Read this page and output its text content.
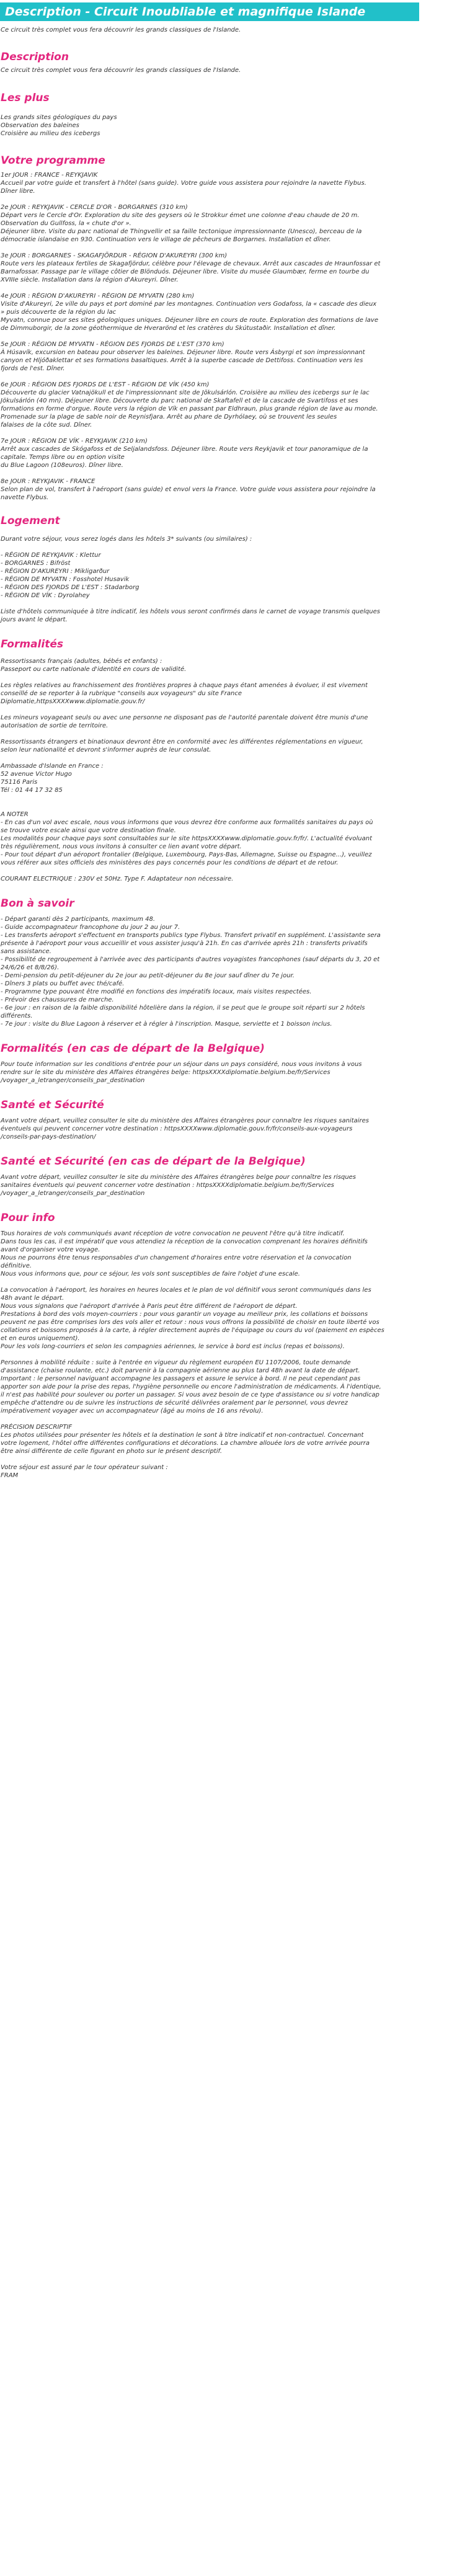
Description - Circuit Inoubliable et magnifique Islande

Ce circuit très complet vous fera découvrir les grands classiques de l'Islande.

Description

Ce circuit très complet vous fera découvrir les grands classiques de l'Islande.

Les plus

Les grands sites géologiques du pays
Observation des baleines
Croisière au milieu des icebergs

Votre programme

1er JOUR : FRANCE - REYKJAVIK
Accueil par votre guide et transfert à l'hôtel (sans guide). Votre guide vous assistera pour rejoindre la navette Flybus.
Dîner libre.

2e JOUR : REYKJAVIK - CERCLE D'OR - BORGARNES (310 km)
Départ vers le Cercle d'Or. Exploration du site des geysers où le Strokkur émet une colonne d'eau chaude de 20 m.
Observation du Gullfoss, la « chute d'or ».
Déjeuner libre. Visite du parc national de Thingvellir et sa faille tectonique impressionnante (Unesco), berceau de la
démocratie islandaise en 930. Continuation vers le village de pêcheurs de Borgarnes. Installation et dîner.

3e JOUR : BORGARNES - SKAGAFJÖRDUR - RÉGION D'AKUREYRI (300 km)
Route vers les plateaux fertiles de Skagafjördur, célèbre pour l'élevage de chevaux. Arrêt aux cascades de Hraunfossar et
Barnafossar. Passage par le village côtier de Blönduós. Déjeuner libre. Visite du musée Glaumbær, ferme en tourbe du
XVIIIe siècle. Installation dans la région d'Akureyri. Dîner.

4e JOUR : RÉGION D'AKUREYRI - RÉGION DE MYVATN (280 km)
Visite d'Akureyri, 2e ville du pays et port dominé par les montagnes. Continuation vers Godafoss, la « cascade des dieux
» puis découverte de la région du lac
Myvatn, connue pour ses sites géologiques uniques. Déjeuner libre en cours de route. Exploration des formations de lave
de Dimmuborgir, de la zone géothermique de Hverarönd et les cratères du Skútustaðir. Installation et dîner.

5e JOUR : RÉGION DE MYVATN - RÉGION DES FJORDS DE L'EST (370 km)
À Húsavík, excursion en bateau pour observer les baleines. Déjeuner libre. Route vers Ásbyrgi et son impressionnant
canyon et Hljóðaklettar et ses formations basaltiques. Arrêt à la superbe cascade de Dettifoss. Continuation vers les
fjords de l'est. Dîner.

6e JOUR : RÉGION DES FJORDS DE L'EST - RÉGION DE VÍK (450 km)
Découverte du glacier Vatnajökull et de l'impressionnant site de Jökulsárlón. Croisière au milieu des icebergs sur le lac
Jökulsárlón (40 mn). Déjeuner libre. Découverte du parc national de Skaftafell et de la cascade de Svartifoss et ses
formations en forme d'orgue. Route vers la région de Vík en passant par Eldhraun, plus grande région de lave au monde.
Promenade sur la plage de sable noir de Reynisfjara. Arrêt au phare de Dyrhólaey, où se trouvent les seules
falaises de la côte sud. Dîner.

7e JOUR : RÉGION DE VÍK - REYKJAVIK (210 km)
Arrêt aux cascades de Skógafoss et de Seljalandsfoss. Déjeuner libre. Route vers Reykjavik et tour panoramique de la
capitale. Temps libre ou en option visite
du Blue Lagoon (108euros). Dîner libre.

8e JOUR : REYKJAVIK - FRANCE
Selon plan de vol, transfert à l'aéroport (sans guide) et envol vers la France. Votre guide vous assistera pour rejoindre la
navette Flybus.

Logement

Durant votre séjour, vous serez logés dans les hôtels 3* suivants (ou similaires) :

- RÉGION DE REYKJAVIK : Klettur
- BORGARNES : Bifröst
- RÉGION D'AKUREYRI : Mikligarður
- RÉGION DE MYVATN : Fosshotel Husavik
- RÉGION DES FJORDS DE L'EST : Stadarborg
- RÉGION DE VÍK : Dyrolahey

Liste d'hôtels communiquée à titre indicatif, les hôtels vous seront confirmés dans le carnet de voyage transmis quelques
jours avant le départ.

Formalités

Ressortissants français (adultes, bébés et enfants) :
Passeport ou carte nationale d'identité en cours de validité.

Les règles relatives au franchissement des frontières propres à chaque pays étant amenées à évoluer, il est vivement
conseillé de se reporter à la rubrique "conseils aux voyageurs" du site France
Diplomatie,httpsXXXXwww.diplomatie.gouv.fr/

Les mineurs voyageant seuls ou avec une personne ne disposant pas de l'autorité parentale doivent être munis d'une
autorisation de sortie de territoire.

Ressortissants étrangers et binationaux devront être en conformité avec les différentes réglementations en vigueur,
selon leur nationalité et devront s'informer auprès de leur consulat.

Ambassade d'Islande en France :
52 avenue Victor Hugo
75116 Paris
Tél : 01 44 17 32 85

A NOTER
- En cas d'un vol avec escale, nous vous informons que vous devrez être conforme aux formalités sanitaires du pays où
se trouve votre escale ainsi que votre destination finale.
Les modalités pour chaque pays sont consultables sur le site httpsXXXXwww.diplomatie.gouv.fr/fr/. L'actualité évoluant
très régulièrement, nous vous invitons à consulter ce lien avant votre départ.
- Pour tout départ d'un aéroport frontalier (Belgique, Luxembourg, Pays-Bas, Allemagne, Suisse ou Espagne...), veuillez
vous référer aux sites officiels des ministères des pays concernés pour les conditions de départ et de retour.

COURANT ELECTRIQUE : 230V et 50Hz. Type F. Adaptateur non nécessaire.

Bon à savoir

- Départ garanti dès 2 participants, maximum 48.
- Guide accompagnateur francophone du jour 2 au jour 7.
- Les transferts aéroport s'effectuent en transports publics type Flybus. Transfert privatif en supplément. L'assistante sera
présente à l'aéroport pour vous accueillir et vous assister jusqu'à 21h. En cas d'arrivée après 21h : transferts privatifs
sans assistance.
- Possibilité de regroupement à l'arrivée avec des participants d'autres voyagistes francophones (sauf départs du 3, 20 et
24/6/26 et 8/8/26).
- Demi-pension du petit-déjeuner du 2e jour au petit-déjeuner du 8e jour sauf dîner du 7e jour.
- Dîners 3 plats ou buffet avec thé/café.
- Programme type pouvant être modifié en fonctions des impératifs locaux, mais visites respectées.
- Prévoir des chaussures de marche.
- 6e jour : en raison de la faible disponibilité hôtelière dans la région, il se peut que le groupe soit réparti sur 2 hôtels
différents.
- 7e jour : visite du Blue Lagoon à réserver et à régler à l'inscription. Masque, serviette et 1 boisson inclus.

Formalités (en cas de départ de la Belgique)

Pour toute information sur les conditions d'entrée pour un séjour dans un pays considéré, nous vous invitons à vous
rendre sur le site du ministère des Affaires étrangères belge: httpsXXXXdiplomatie.belgium.be/fr/Services
/voyager_a_letranger/conseils_par_destination

Santé et Sécurité

Avant votre départ, veuillez consulter le site du ministère des Affaires étrangères pour connaître les risques sanitaires
éventuels qui peuvent concerner votre destination : httpsXXXXwww.diplomatie.gouv.fr/fr/conseils-aux-voyageurs
/conseils-par-pays-destination/

Santé et Sécurité (en cas de départ de la Belgique)

Avant votre départ, veuillez consulter le site du ministère des Affaires étrangères belge pour connaître les risques
sanitaires éventuels qui peuvent concerner votre destination : httpsXXXXdiplomatie.belgium.be/fr/Services
/voyager_a_letranger/conseils_par_destination

Pour info

Tous horaires de vols communiqués avant réception de votre convocation ne peuvent l'être qu'à titre indicatif.
Dans tous les cas, il est impératif que vous attendiez la réception de la convocation comprenant les horaires définitifs
avant d'organiser votre voyage.
Nous ne pourrons être tenus responsables d'un changement d'horaires entre votre réservation et la convocation
définitive.
Nous vous informons que, pour ce séjour, les vols sont susceptibles de faire l'objet d'une escale.

La convocation à l'aéroport, les horaires en heures locales et le plan de vol définitif vous seront communiqués dans les
48h avant le départ.
Nous vous signalons que l'aéroport d'arrivée à Paris peut être différent de l'aéroport de départ.
Prestations à bord des vols moyen-courriers : pour vous garantir un voyage au meilleur prix, les collations et boissons
peuvent ne pas être comprises lors des vols aller et retour : nous vous offrons la possibilité de choisir en toute liberté vos
collations et boissons proposés à la carte, à régler directement auprès de l'équipage ou cours du vol (paiement en espèces
et en euros uniquement).
Pour les vols long-courriers et selon les compagnies aériennes, le service à bord est inclus (repas et boissons).

Personnes à mobilité réduite : suite à l'entrée en vigueur du règlement européen EU 1107/2006, toute demande
d'assistance (chaise roulante, etc.) doit parvenir à la compagnie aérienne au plus tard 48h avant la date de départ.
Important : le personnel naviguant accompagne les passagers et assure le service à bord. Il ne peut cependant pas
apporter son aide pour la prise des repas, l'hygiène personnelle ou encore l'administration de médicaments. À l'identique,
il n'est pas habilité pour soulever ou porter un passager. Si vous avez besoin de ce type d'assistance ou si votre handicap
empêche d'attendre ou de suivre les instructions de sécurité délivrées oralement par le personnel, vous devrez
impérativement voyager avec un accompagnateur (âgé au moins de 16 ans révolu).

PRÉCISION DESCRIPTIF
Les photos utilisées pour présenter les hôtels et la destination le sont à titre indicatif et non-contractuel. Concernant
votre logement, l'hôtel offre différentes configurations et décorations. La chambre allouée lors de votre arrivée pourra
être ainsi différente de celle figurant en photo sur le présent descriptif.

Votre séjour est assuré par le tour opérateur suivant :
FRAM
